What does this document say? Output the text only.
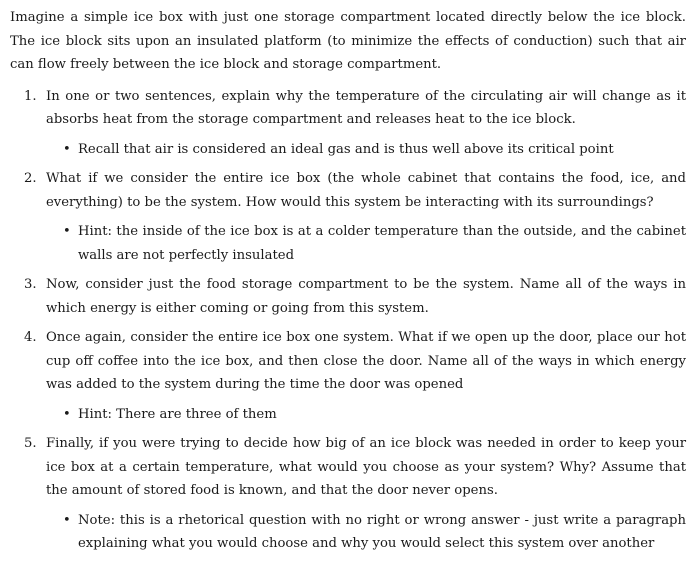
Imagine a simple ice box with just one storage compartment located directly below the ice block. The ice block sits upon an insulated platform (to minimize the effects of conduction) such that air can flow freely between the ice block and storage compartment.

1. In one or two sentences, explain why the temperature of the circulating air will change as it absorbs heat from the storage compartment and releases heat to the ice block.

• Recall that air is considered an ideal gas and is thus well above its critical point
2. What if we consider the entire ice box (the whole cabinet that contains the food, ice, and everything) to be the system. How would this system be interacting with its surroundings?

• Hint: the inside of the ice box is at a colder temperature than the outside, and the cabinet walls are not perfectly insulated
3. Now, consider just the food storage compartment to be the system. Name all of the ways in which energy is either coming or going from this system.

4. Once again, consider the entire ice box one system. What if we open up the door, place our hot cup off coffee into the ice box, and then close the door. Name all of the ways in which energy was added to the system during the time the door was opened

• Hint: There are three of them
5. Finally, if you were trying to decide how big of an ice block was needed in order to keep your ice box at a certain temperature, what would you choose as your system? Why? Assume that the amount of stored food is known, and that the door never opens.

• Note: this is a rhetorical question with no right or wrong answer - just write a paragraph explaining what you would choose and why you would select this system over another
